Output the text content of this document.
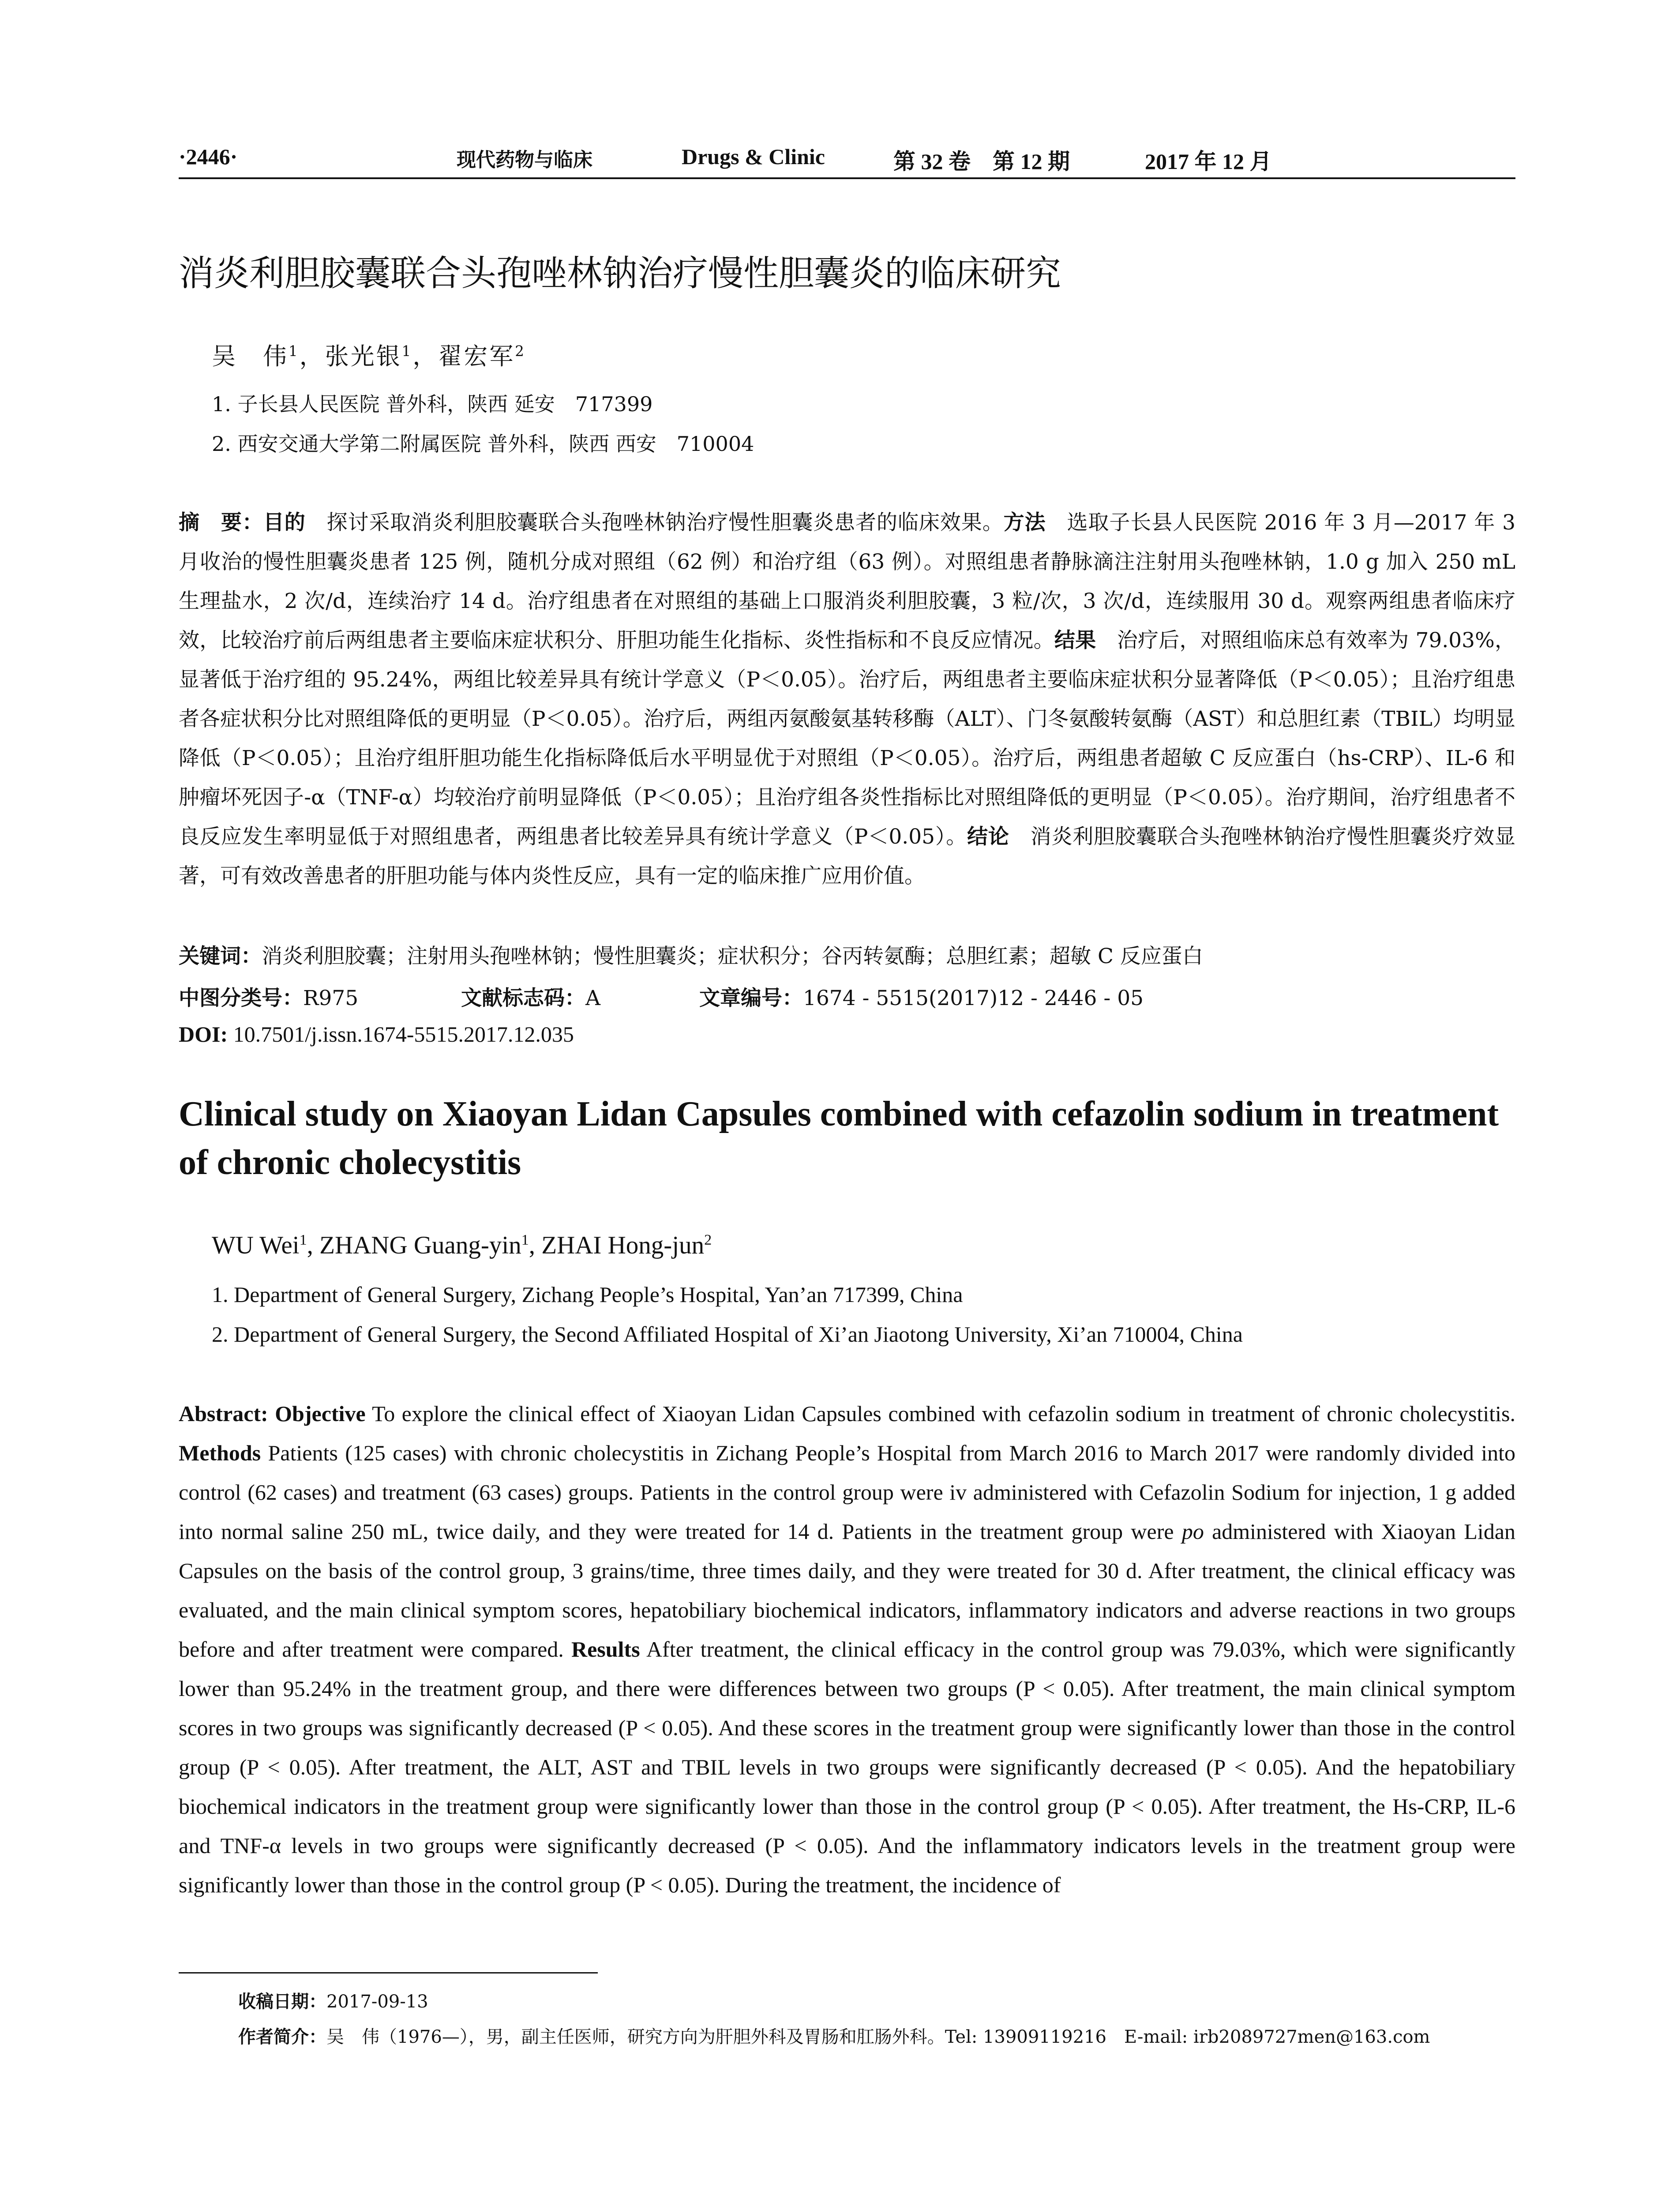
·2446·	现代药物与临床	Drugs & Clinic	第 32 卷　第 12 期	2017 年 12 月
消炎利胆胶囊联合头孢唑林钠治疗慢性胆囊炎的临床研究
吴　伟$^1$，张光银$^1$，翟宏军$^2$
1. 子长县人民医院 普外科，陕西 延安　717399
2. 西安交通大学第二附属医院 普外科，陕西 西安　710004
摘　要：目的　探讨采取消炎利胆胶囊联合头孢唑林钠治疗慢性胆囊炎患者的临床效果。方法　选取子长县人民医院 2016 年 3 月—2017 年 3 月收治的慢性胆囊炎患者 125 例，随机分成对照组（62 例）和治疗组（63 例）。对照组患者静脉滴注注射用头孢唑林钠，1.0 g 加入 250 mL 生理盐水，2 次/d，连续治疗 14 d。治疗组患者在对照组的基础上口服消炎利胆胶囊，3 粒/次，3 次/d，连续服用 30 d。观察两组患者临床疗效，比较治疗前后两组患者主要临床症状积分、肝胆功能生化指标、炎性指标和不良反应情况。结果　治疗后，对照组临床总有效率为 79.03%，显著低于治疗组的 95.24%，两组比较差异具有统计学意义（P＜0.05）。治疗后，两组患者主要临床症状积分显著降低（P＜0.05）；且治疗组患者各症状积分比对照组降低的更明显（P＜0.05）。治疗后，两组丙氨酸氨基转移酶（ALT）、门冬氨酸转氨酶（AST）和总胆红素（TBIL）均明显降低（P＜0.05）；且治疗组肝胆功能生化指标降低后水平明显优于对照组（P＜0.05）。治疗后，两组患者超敏 C 反应蛋白（hs-CRP）、IL-6 和肿瘤坏死因子-α（TNF-α）均较治疗前明显降低（P＜0.05）；且治疗组各炎性指标比对照组降低的更明显（P＜0.05）。治疗期间，治疗组患者不良反应发生率明显低于对照组患者，两组患者比较差异具有统计学意义（P＜0.05）。结论　消炎利胆胶囊联合头孢唑林钠治疗慢性胆囊炎疗效显著，可有效改善患者的肝胆功能与体内炎性反应，具有一定的临床推广应用价值。
关键词：消炎利胆胶囊；注射用头孢唑林钠；慢性胆囊炎；症状积分；谷丙转氨酶；总胆红素；超敏 C 反应蛋白
中图分类号：R975	文献标志码：A	文章编号：1674 - 5515(2017)12 - 2446 - 05
DOI: 10.7501/j.issn.1674-5515.2017.12.035
Clinical study on Xiaoyan Lidan Capsules combined with cefazolin sodium in treatment of chronic cholecystitis
WU Wei$^1$, ZHANG Guang-yin$^1$, ZHAI Hong-jun$^2$
1. Department of General Surgery, Zichang People’s Hospital, Yan’an 717399, China
2. Department of General Surgery, the Second Affiliated Hospital of Xi’an Jiaotong University, Xi’an 710004, China
Abstract: Objective To explore the clinical effect of Xiaoyan Lidan Capsules combined with cefazolin sodium in treatment of chronic cholecystitis. Methods Patients (125 cases) with chronic cholecystitis in Zichang People’s Hospital from March 2016 to March 2017 were randomly divided into control (62 cases) and treatment (63 cases) groups. Patients in the control group were iv administered with Cefazolin Sodium for injection, 1 g added into normal saline 250 mL, twice daily, and they were treated for 14 d. Patients in the treatment group were po administered with Xiaoyan Lidan Capsules on the basis of the control group, 3 grains/time, three times daily, and they were treated for 30 d. After treatment, the clinical efficacy was evaluated, and the main clinical symptom scores, hepatobiliary biochemical indicators, inflammatory indicators and adverse reactions in two groups before and after treatment were compared. Results After treatment, the clinical efficacy in the control group was 79.03%, which were significantly lower than 95.24% in the treatment group, and there were differences between two groups (P < 0.05). After treatment, the main clinical symptom scores in two groups was significantly decreased (P < 0.05). And these scores in the treatment group were significantly lower than those in the control group (P < 0.05). After treatment, the ALT, AST and TBIL levels in two groups were significantly decreased (P < 0.05). And the hepatobiliary biochemical indicators in the treatment group were significantly lower than those in the control group (P < 0.05). After treatment, the Hs-CRP, IL-6 and TNF-α levels in two groups were significantly decreased (P < 0.05). And the inflammatory indicators levels in the treatment group were significantly lower than those in the control group (P < 0.05). During the treatment, the incidence of
收稿日期：2017-09-13
作者简介：吴　伟（1976—），男，副主任医师，研究方向为肝胆外科及胃肠和肛肠外科。Tel: 13909119216　E-mail: irb2089727men@163.com
